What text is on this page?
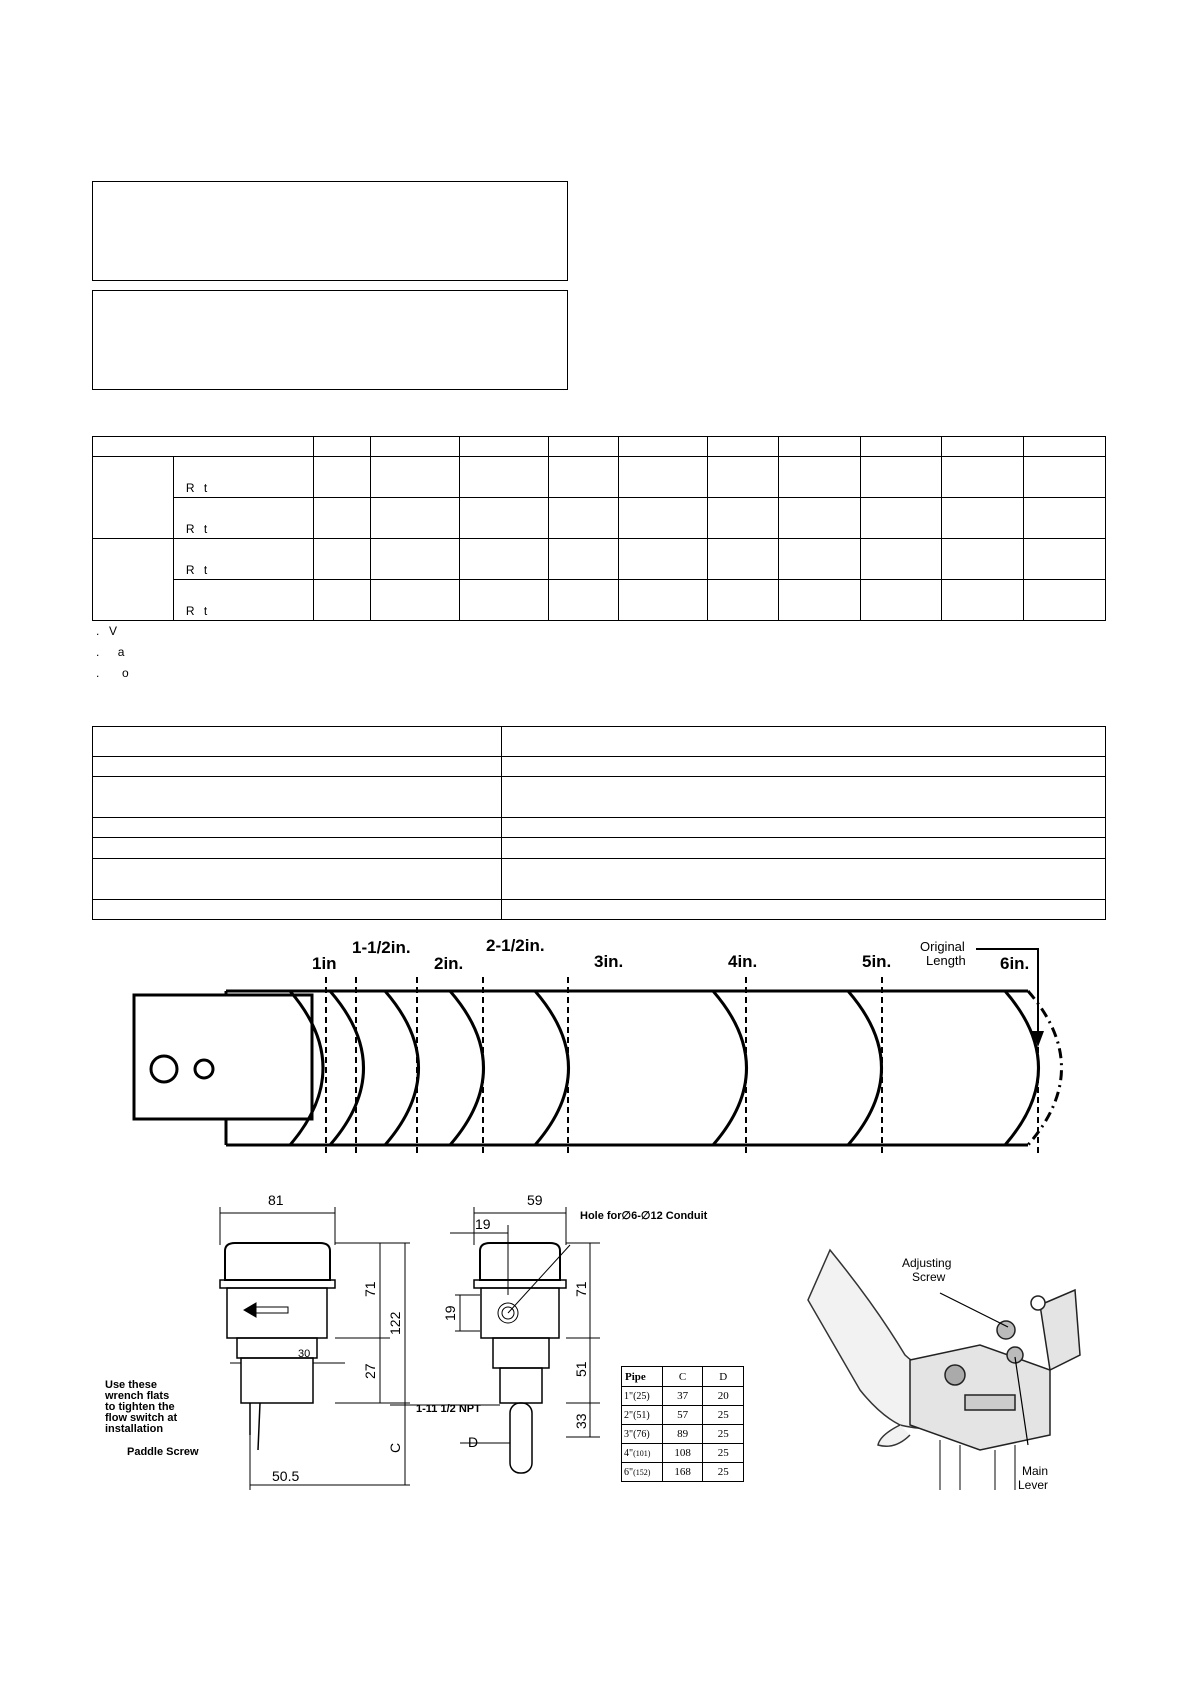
	R t										
	R t										
	R t										
	R t										
. V
. a
. o

1in
1-1/2in.
2in.
2-1/2in.
3in.	4in.	5in.	6in.
Original
Length
81
71
122
27
30
50.5
C
59
19
19
71
51
33
D
Hole for∅6-∅12 Conduit
Use these
wrench flats
to tighten the
flow switch at
installation
Paddle Screw
1-11 1/2 NPT
Pipe	C	D
1"(25)	37	20
2"(51)	57	25
3"(76)	89	25
4"(101)	108	25
6"(152)	168	25
Adjusting
Screw
Main
Lever
